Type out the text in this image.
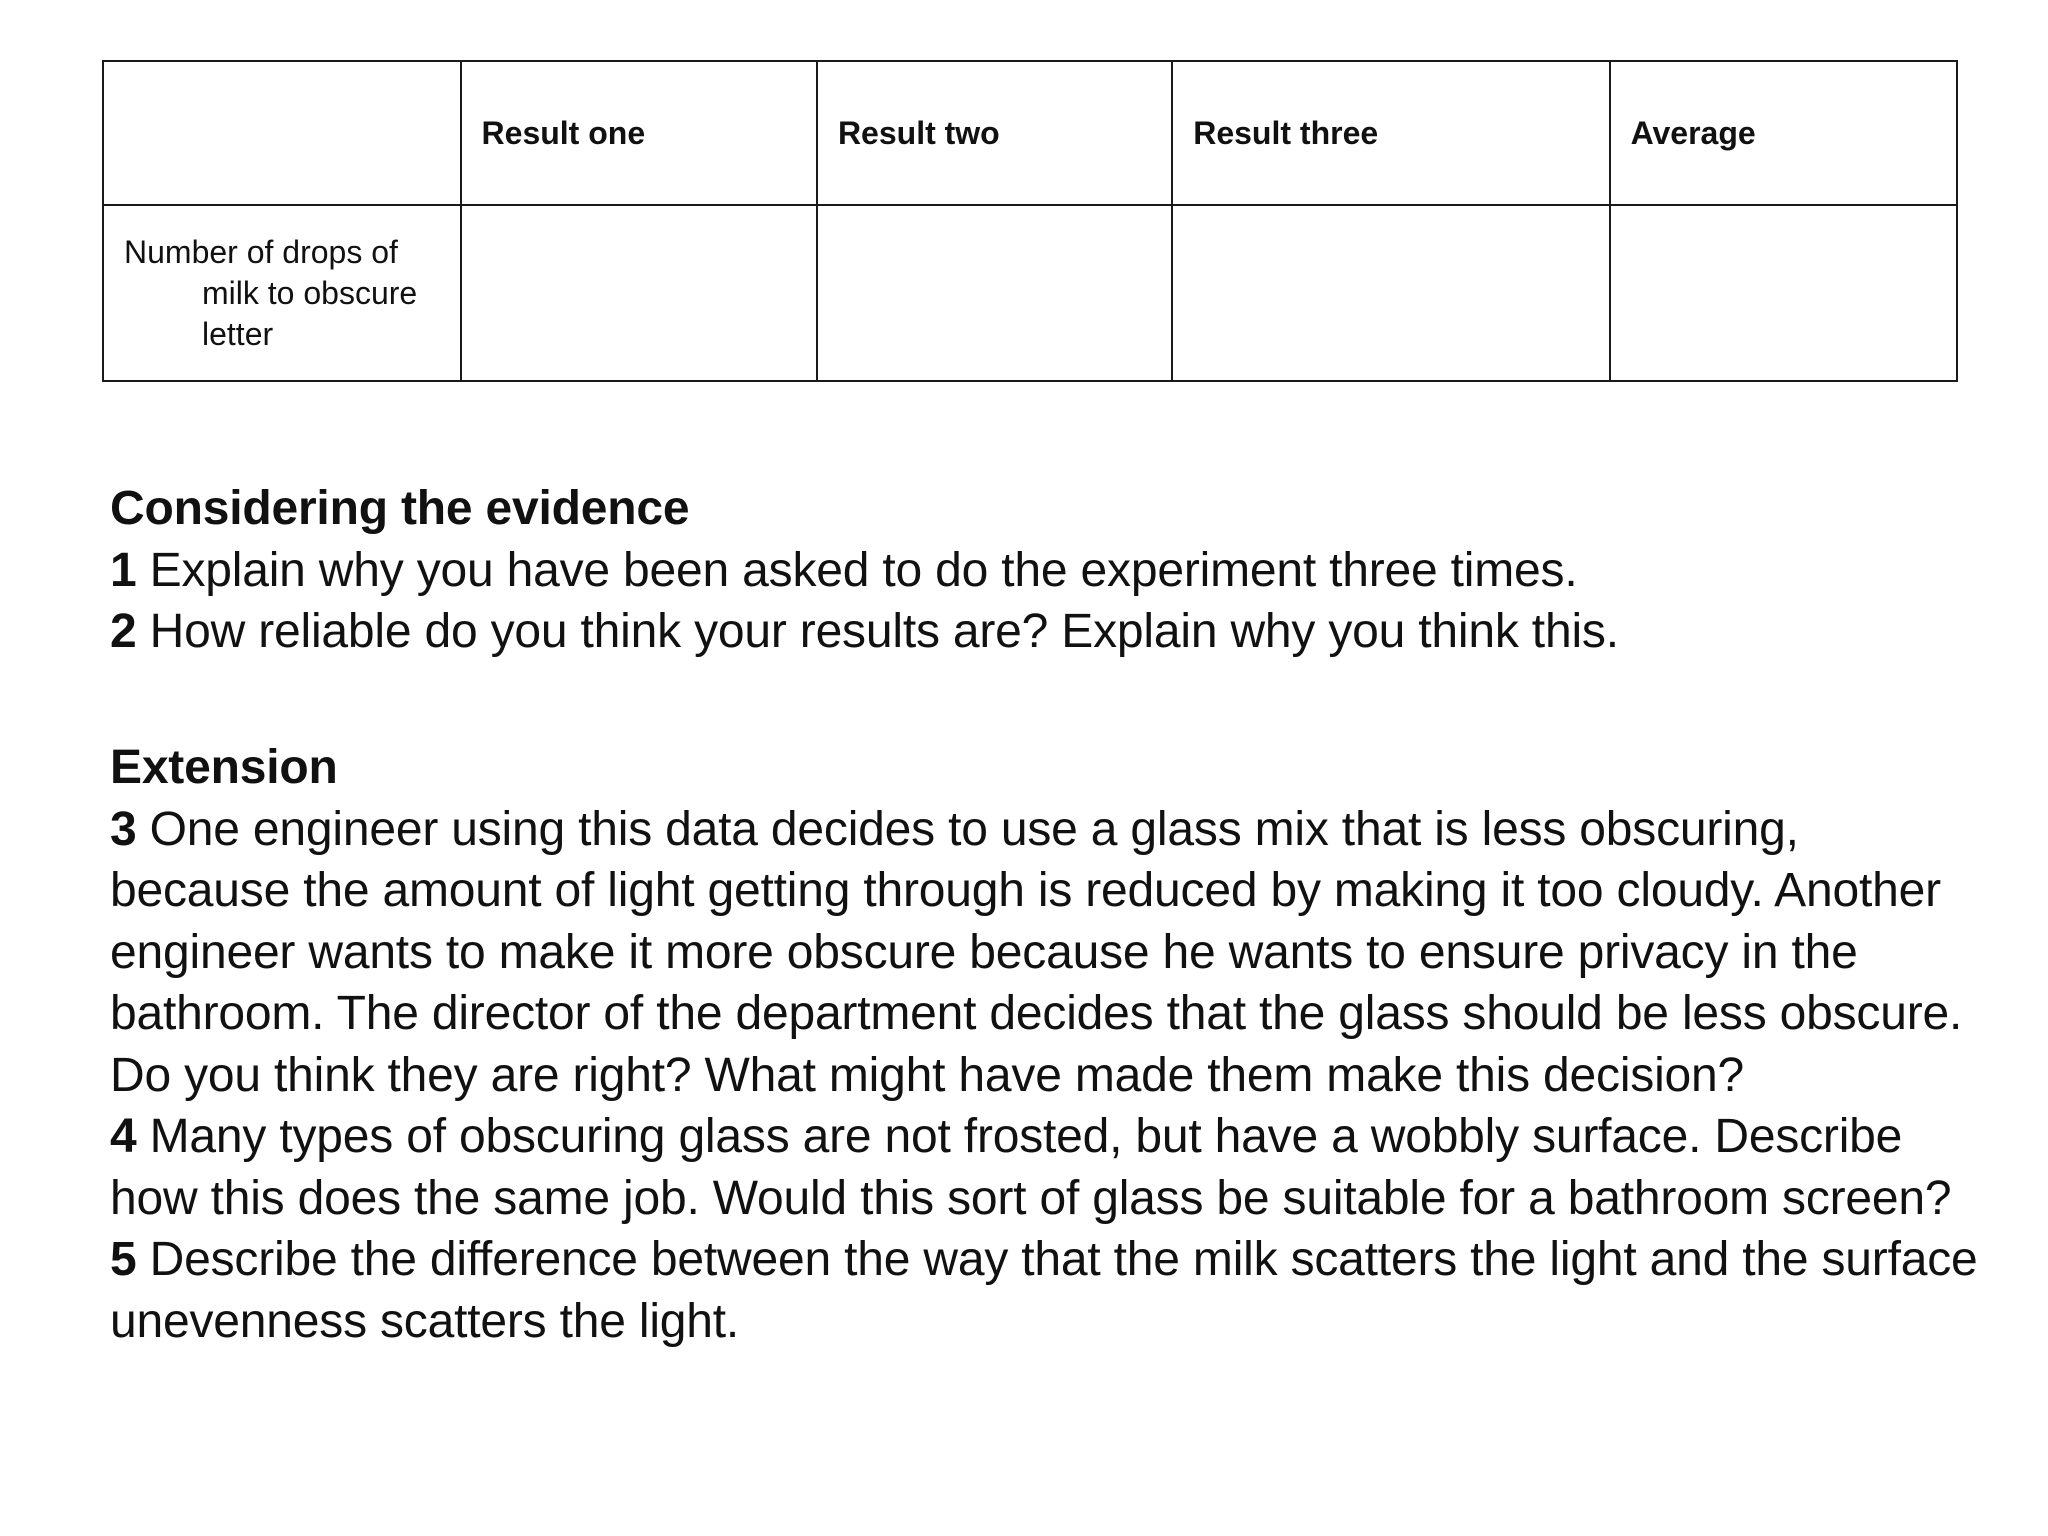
	Result one	Result two	Result three	Average

Number of drops of milk to obscure letter				

Considering the evidence

1 Explain why you have been asked to do the experiment three times.

2 How reliable do you think your results are? Explain why you think this.

Extension

3 One engineer using this data decides to use a glass mix that is less obscuring, because the amount of light getting through is reduced by making it too cloudy. Another engineer wants to make it more obscure because he wants to ensure privacy in the bathroom. The director of the department decides that the glass should be less obscure. Do you think they are right? What might have made them make this decision?

4 Many types of obscuring glass are not frosted, but have a wobbly surface. Describe how this does the same job. Would this sort of glass be suitable for a bathroom screen?

5 Describe the difference between the way that the milk scatters the light and the surface unevenness scatters the light.
